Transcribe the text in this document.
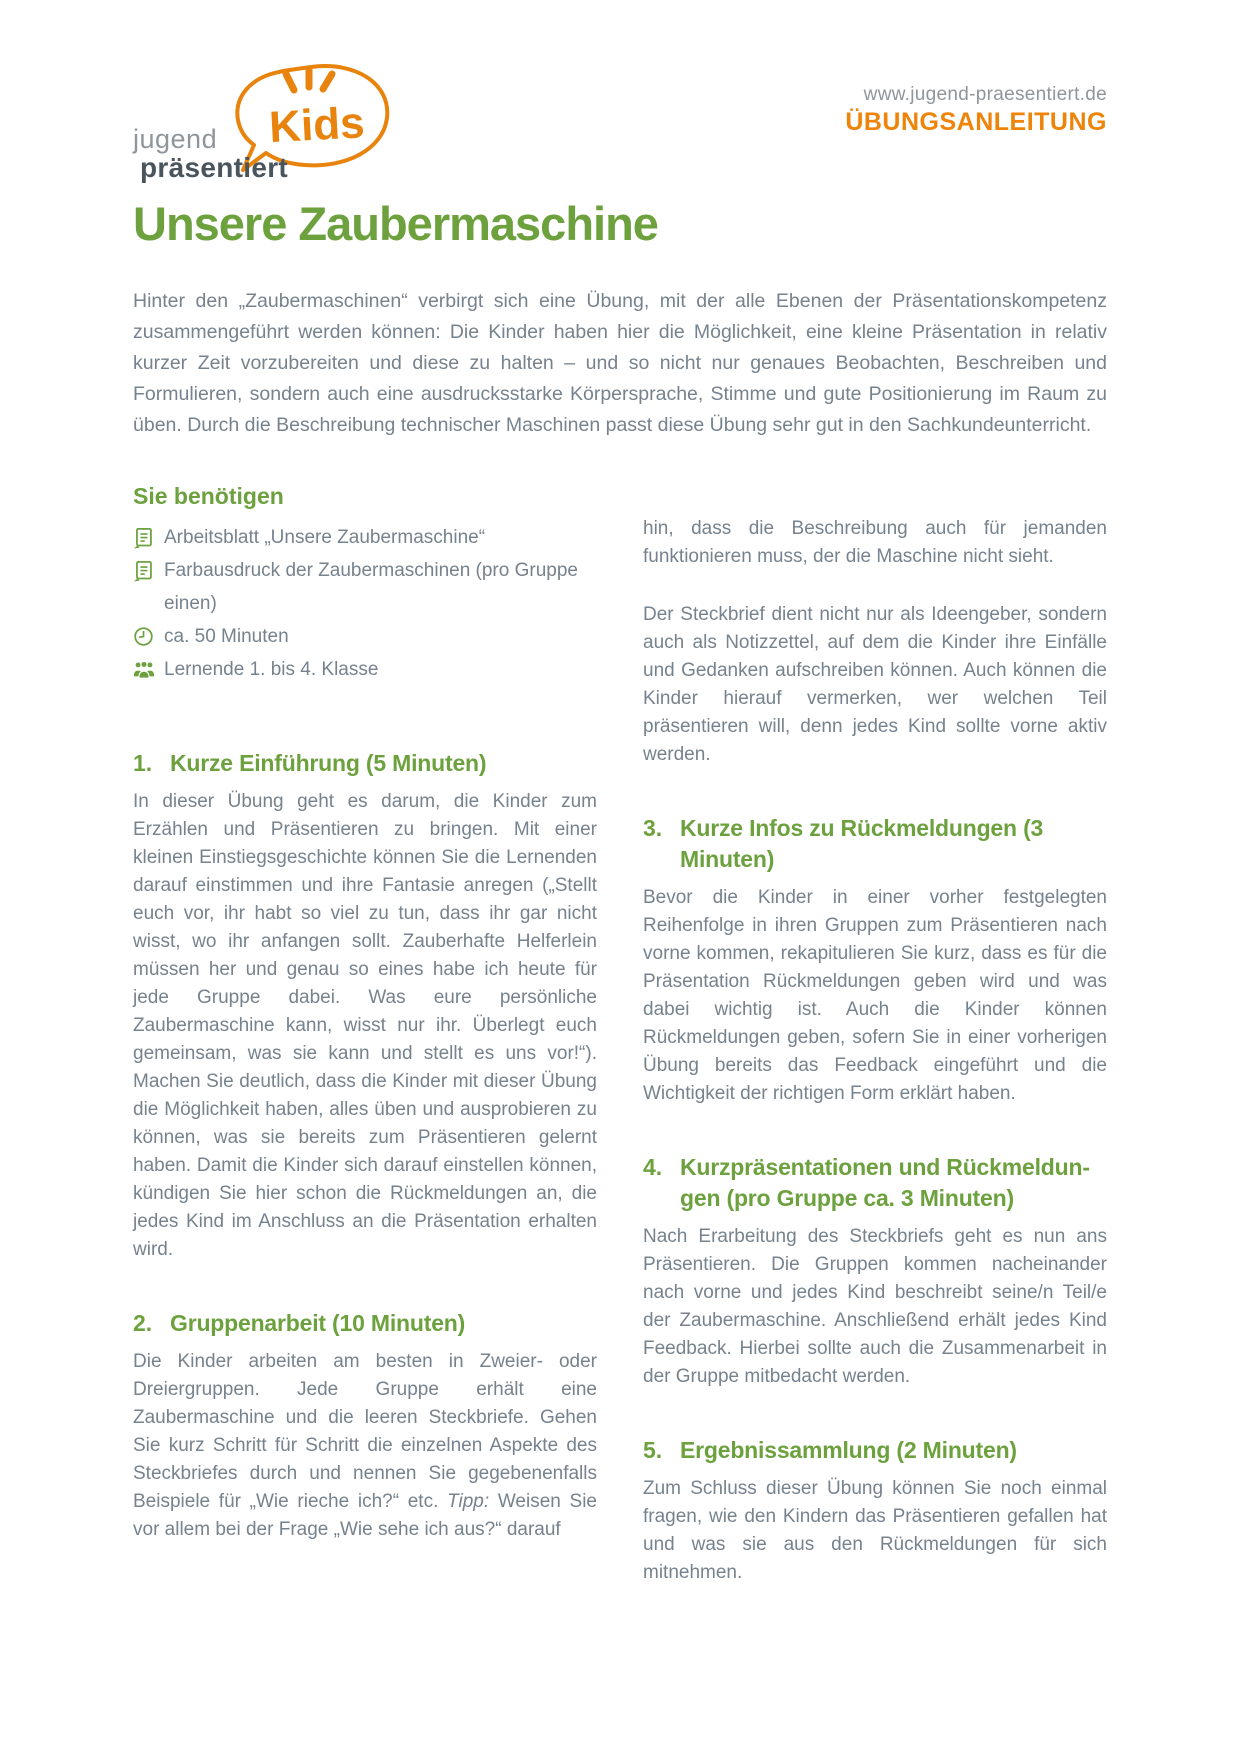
Kids
jugend
präsentiert
www.jugend-praesentiert.de
ÜBUNGSANLEITUNG
Unsere Zaubermaschine

Hinter den „Zaubermaschinen“ verbirgt sich eine Übung, mit der alle Ebenen der Präsentationskompetenz zusammengeführt werden können: Die Kinder haben hier die Möglichkeit, eine kleine Präsentation in relativ kurzer Zeit vorzubereiten und diese zu halten – und so nicht nur genaues Beobachten, Beschreiben und Formulieren, sondern auch eine ausdrucksstarke Körpersprache, Stimme und gute Positionierung im Raum zu üben. Durch die Beschreibung technischer Maschinen passt diese Übung sehr gut in den Sachkundeunterricht.

Sie benötigen
Arbeitsblatt „Unsere Zaubermaschine“
Farbausdruck der Zaubermaschinen (pro Gruppe einen)
ca. 50 Minuten
Lernende 1. bis 4. Klasse
1. Kurze Einführung (5 Minuten)

In dieser Übung geht es darum, die Kinder zum Erzählen und Präsentieren zu bringen. Mit einer kleinen Einstiegsgeschichte können Sie die Lernenden darauf einstimmen und ihre Fantasie anregen („Stellt euch vor, ihr habt so viel zu tun, dass ihr gar nicht wisst, wo ihr anfangen sollt. Zauberhafte Helferlein müssen her und genau so eines habe ich heute für jede Gruppe dabei. Was eure persönliche Zaubermaschine kann, wisst nur ihr. Überlegt euch gemeinsam, was sie kann und stellt es uns vor!“). Machen Sie deutlich, dass die Kinder mit dieser Übung die Möglichkeit haben, alles üben und ausprobieren zu können, was sie bereits zum Präsentieren gelernt haben. Damit die Kinder sich darauf einstellen können, kündigen Sie hier schon die Rückmeldungen an, die jedes Kind im Anschluss an die Präsentation erhalten wird.

2. Gruppenarbeit (10 Minuten)

Die Kinder arbeiten am besten in Zweier- oder Dreiergruppen. Jede Gruppe erhält eine Zaubermaschine und die leeren Steckbriefe. Gehen Sie kurz Schritt für Schritt die einzelnen Aspekte des Steckbriefes durch und nennen Sie gegebenenfalls Beispiele für „Wie rieche ich?“ etc. Tipp: Weisen Sie vor allem bei der Frage „Wie sehe ich aus?“ darauf

hin, dass die Beschreibung auch für jemanden funktionieren muss, der die Maschine nicht sieht.

Der Steckbrief dient nicht nur als Ideengeber, sondern auch als Notizzettel, auf dem die Kinder ihre Einfälle und Gedanken aufschreiben können. Auch können die Kinder hierauf vermerken, wer welchen Teil präsentieren will, denn jedes Kind sollte vorne aktiv werden.

3. Kurze Infos zu Rückmeldungen (3 Minuten)

Bevor die Kinder in einer vorher festgelegten Reihenfolge in ihren Gruppen zum Präsentieren nach vorne kommen, rekapitulieren Sie kurz, dass es für die Präsentation Rückmeldungen geben wird und was dabei wichtig ist. Auch die Kinder können Rückmeldungen geben, sofern Sie in einer vorherigen Übung bereits das Feedback eingeführt und die Wichtigkeit der richtigen Form erklärt haben.

4. Kurzpräsentationen und Rückmeldungen (pro Gruppe ca. 3 Minuten)

Nach Erarbeitung des Steckbriefs geht es nun ans Präsentieren. Die Gruppen kommen nacheinander nach vorne und jedes Kind beschreibt seine/n Teil/e der Zaubermaschine. Anschließend erhält jedes Kind Feedback. Hierbei sollte auch die Zusammenarbeit in der Gruppe mitbedacht werden.

5. Ergebnissammlung (2 Minuten)

Zum Schluss dieser Übung können Sie noch einmal fragen, wie den Kindern das Präsentieren gefallen hat und was sie aus den Rückmeldungen für sich mitnehmen.
